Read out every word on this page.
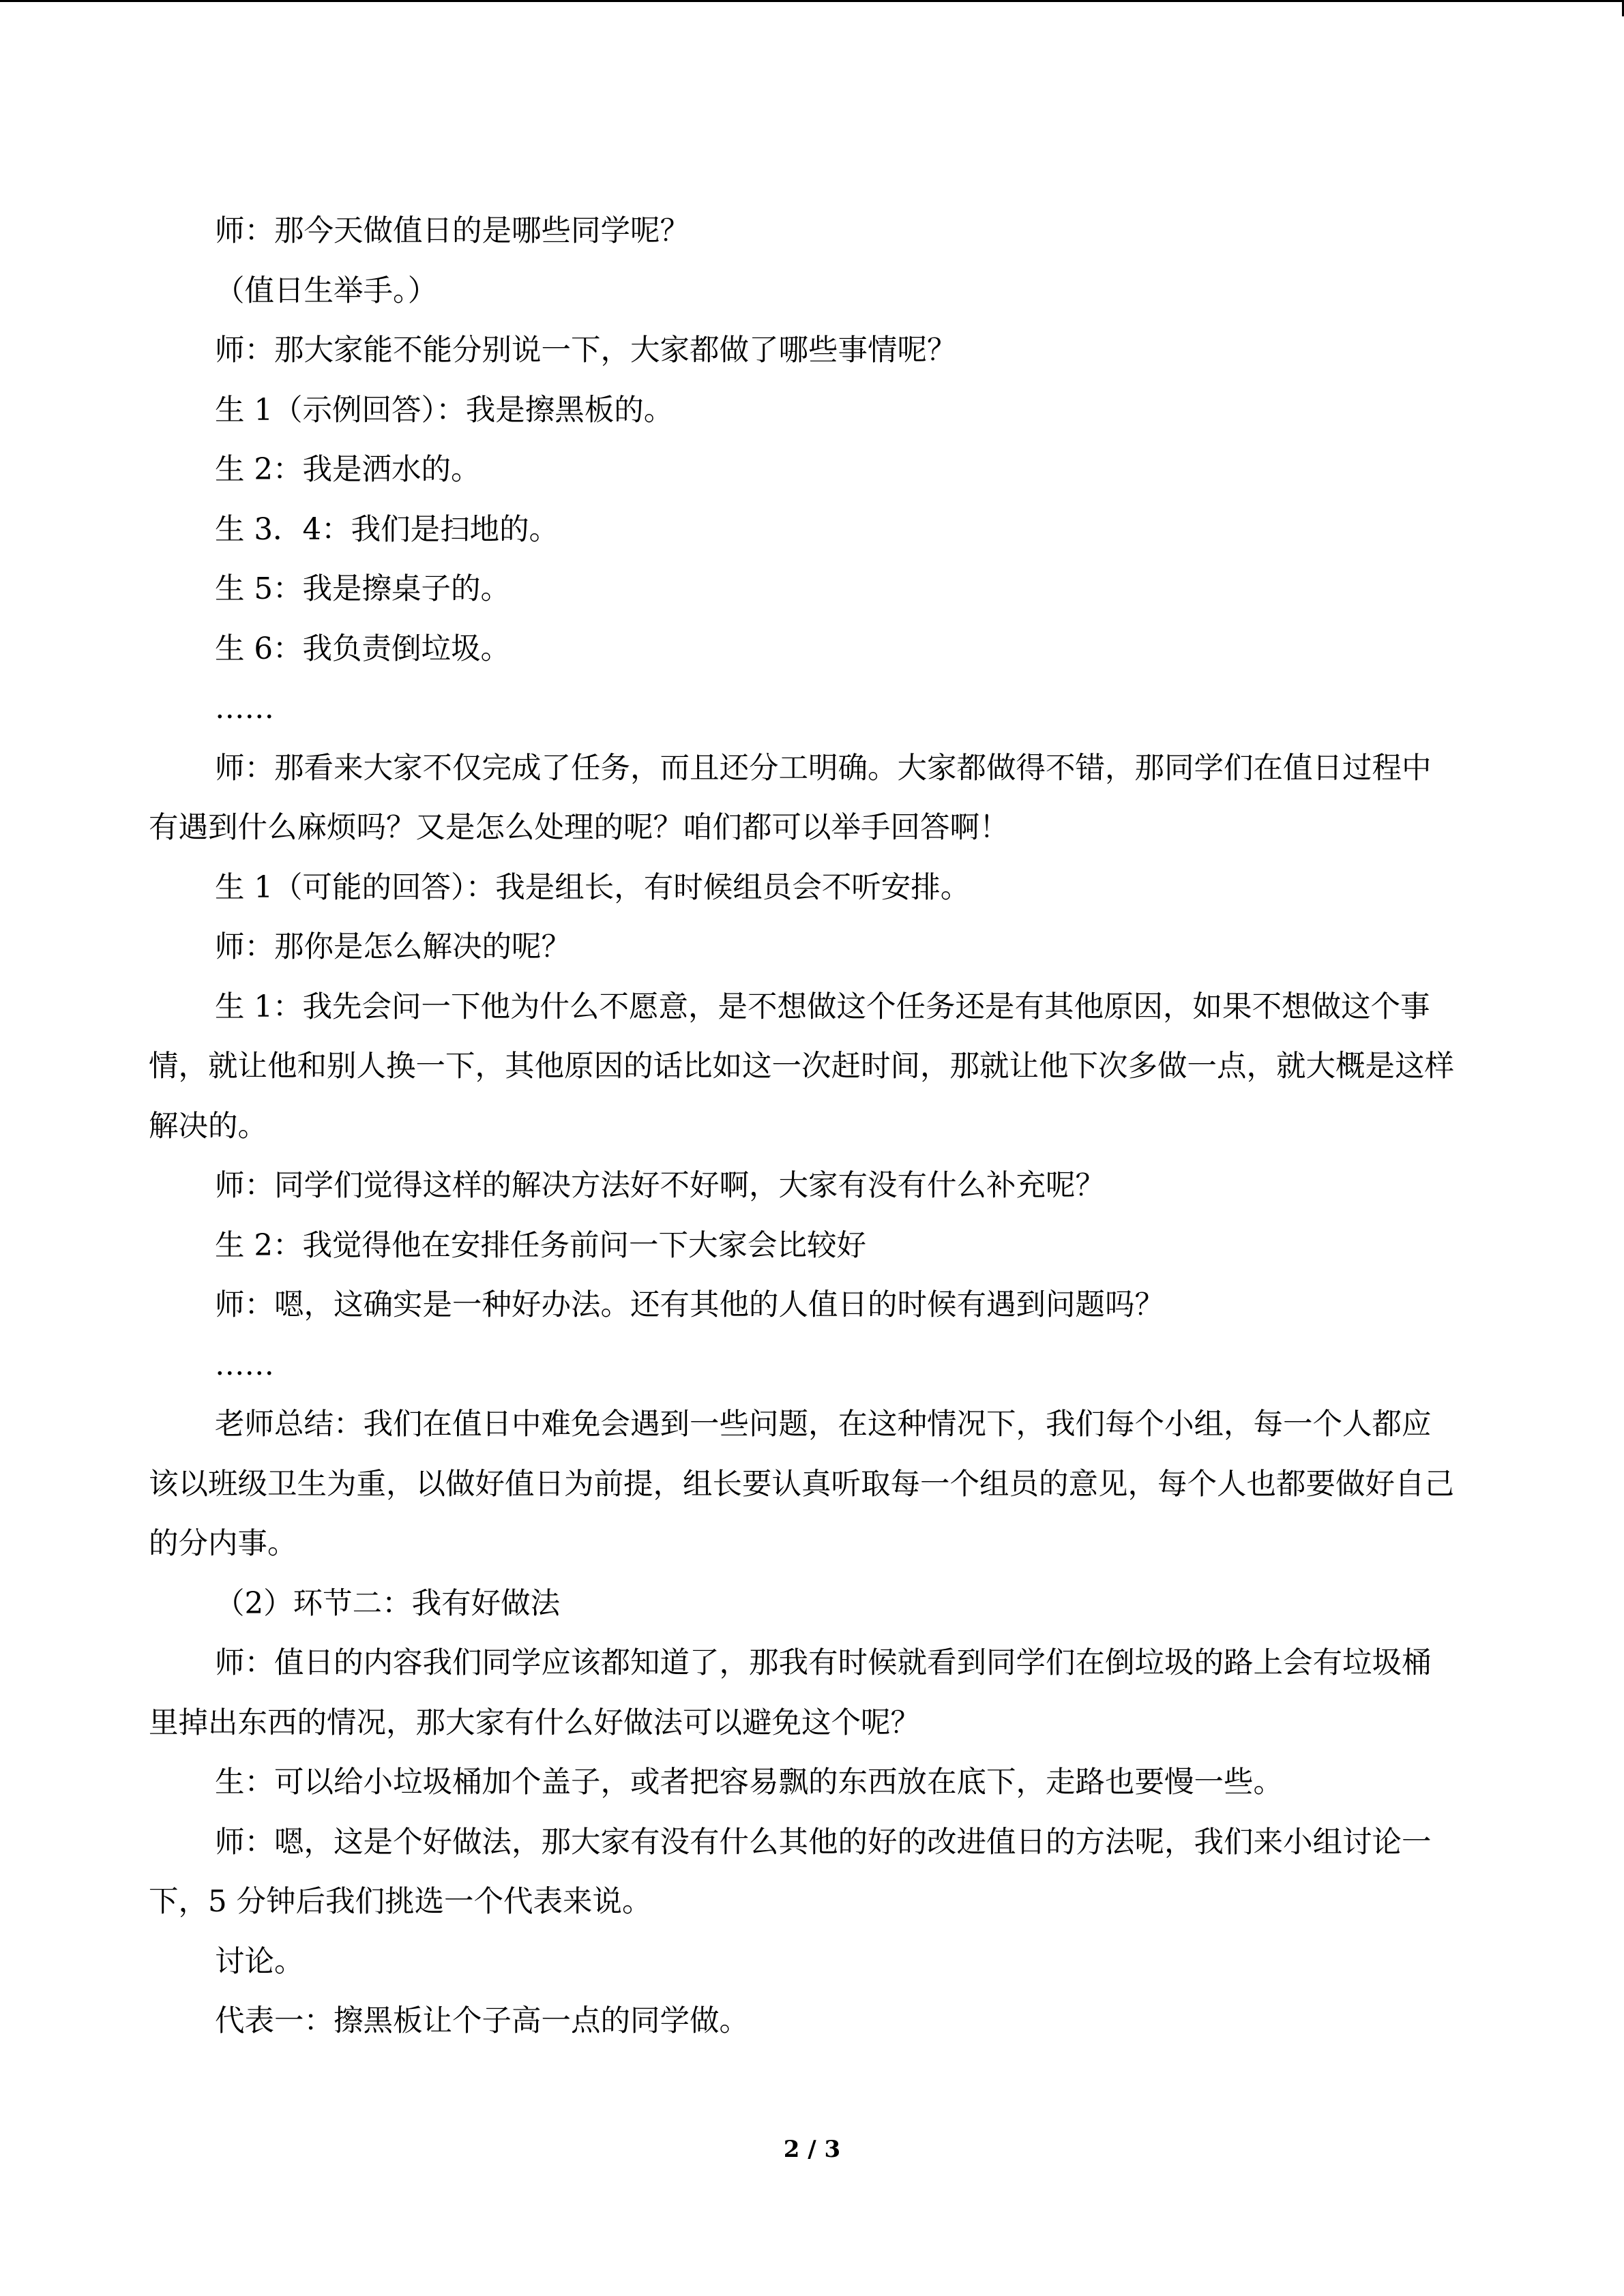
师：那今天做值日的是哪些同学呢？

（值日生举手。）

师：那大家能不能分别说一下，大家都做了哪些事情呢？

生 1（示例回答）：我是擦黑板的。

生 2：我是洒水的。

生 3．4：我们是扫地的。

生 5：我是擦桌子的。

生 6：我负责倒垃圾。

……

师：那看来大家不仅完成了任务，而且还分工明确。大家都做得不错，那同学们在值日过程中有遇到什么麻烦吗？又是怎么处理的呢？咱们都可以举手回答啊！

生 1（可能的回答）：我是组长，有时候组员会不听安排。

师：那你是怎么解决的呢？

生 1：我先会问一下他为什么不愿意，是不想做这个任务还是有其他原因，如果不想做这个事情，就让他和别人换一下，其他原因的话比如这一次赶时间，那就让他下次多做一点，就大概是这样解决的。

师：同学们觉得这样的解决方法好不好啊，大家有没有什么补充呢？

生 2：我觉得他在安排任务前问一下大家会比较好

师：嗯，这确实是一种好办法。还有其他的人值日的时候有遇到问题吗？

……

老师总结：我们在值日中难免会遇到一些问题，在这种情况下，我们每个小组，每一个人都应该以班级卫生为重，以做好值日为前提，组长要认真听取每一个组员的意见，每个人也都要做好自己的分内事。

（2）环节二：我有好做法

师：值日的内容我们同学应该都知道了，那我有时候就看到同学们在倒垃圾的路上会有垃圾桶里掉出东西的情况，那大家有什么好做法可以避免这个呢？

生：可以给小垃圾桶加个盖子，或者把容易飘的东西放在底下，走路也要慢一些。

师：嗯，这是个好做法，那大家有没有什么其他的好的改进值日的方法呢，我们来小组讨论一下，5 分钟后我们挑选一个代表来说。

讨论。

代表一：擦黑板让个子高一点的同学做。

2 / 3
